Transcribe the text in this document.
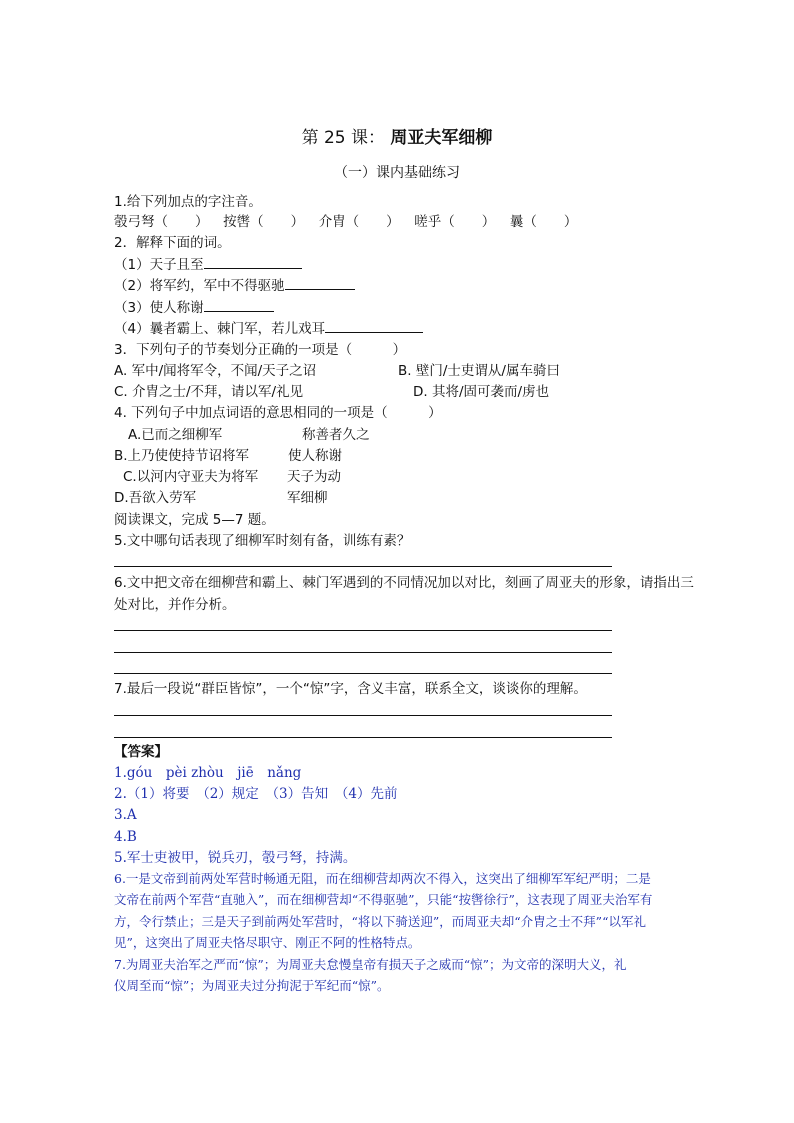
第 25 课： 周亚夫军细柳
（一）课内基础练习
1.给下列加点的字注音。
彀弓弩（　　） 按辔（　　） 介胄（　　） 嗟乎（　　） 曩（　　）
2．解释下面的词。
（1）天子且至
（2）将军约，军中不得驱驰
（3）使人称谢
（4）曩者霸上、棘门军，若儿戏耳
3．下列句子的节奏划分正确的一项是（　　　）
A. 军中/闻将军令，不闻/天子之诏	B. 壁门/士吏谓从/属车骑曰
C. 介胄之士/不拜，请以军/礼见	D. 其将/固可袭而/虏也
4. 下列句子中加点词语的意思相同的一项是（　　　）
A.已而之细柳军	称善者久之
B.上乃使使持节诏将军	使人称谢
C.以河内守亚夫为将军 天子为动
D.吾欲入劳军	军细柳
阅读课文，完成 5—7 题。
5.文中哪句话表现了细柳军时刻有备，训练有素？
6.文中把文帝在细柳营和霸上、棘门军遇到的不同情况加以对比，刻画了周亚夫的形象，请指出三
处对比，并作分析。
7.最后一段说“群臣皆惊”，一个“惊”字，含义丰富，联系全文，谈谈你的理解。
【答案】
1.gόu　pèi zhòu　jiē　nǎng
2.（1）将要　（2）规定　（3）告知　（4）先前
3.A
4.B
5.军士吏被甲，锐兵刃，彀弓弩，持满。
6.一是文帝到前两处军营时畅通无阻，而在细柳营却两次不得入，这突出了细柳军军纪严明；二是
文帝在前两个军营“直驰入”，而在细柳营却“不得驱驰”，只能“按辔徐行”，这表现了周亚夫治军有
方，令行禁止；三是天子到前两处军营时，“将以下骑送迎”，而周亚夫却“介胄之士不拜”“以军礼
见”，这突出了周亚夫恪尽职守、刚正不阿的性格特点。
7.为周亚夫治军之严而“惊”；为周亚夫怠慢皇帝有损天子之威而“惊”；为文帝的深明大义，礼
仪周至而“惊”；为周亚夫过分拘泥于军纪而“惊”。
